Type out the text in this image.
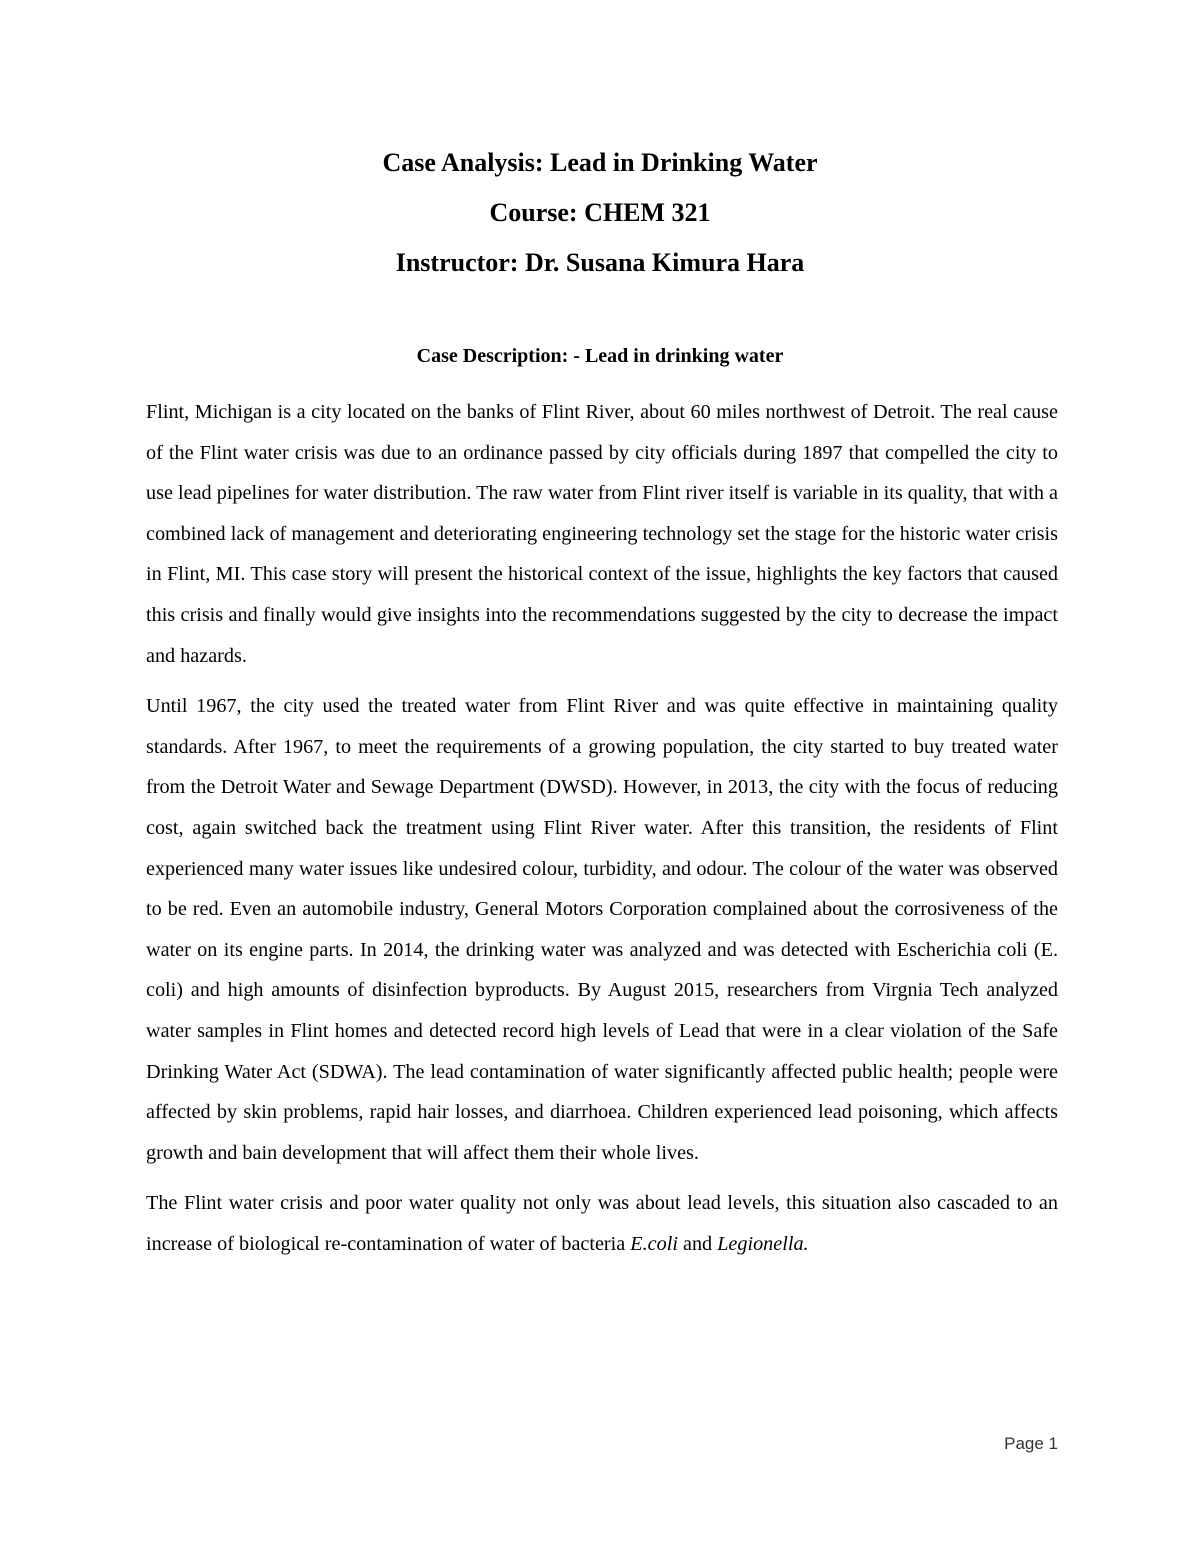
Case Analysis: Lead in Drinking Water
Course: CHEM 321
Instructor: Dr. Susana Kimura Hara
Case Description: - Lead in drinking water

Flint, Michigan is a city located on the banks of Flint River, about 60 miles northwest of Detroit. The real cause of the Flint water crisis was due to an ordinance passed by city officials during 1897 that compelled the city to use lead pipelines for water distribution. The raw water from Flint river itself is variable in its quality, that with a combined lack of management and deteriorating engineering technology set the stage for the historic water crisis in Flint, MI. This case story will present the historical context of the issue, highlights the key factors that caused this crisis and finally would give insights into the recommendations suggested by the city to decrease the impact and hazards.

Until 1967, the city used the treated water from Flint River and was quite effective in maintaining quality standards. After 1967, to meet the requirements of a growing population, the city started to buy treated water from the Detroit Water and Sewage Department (DWSD). However, in 2013, the city with the focus of reducing cost, again switched back the treatment using Flint River water. After this transition, the residents of Flint experienced many water issues like undesired colour, turbidity, and odour. The colour of the water was observed to be red. Even an automobile industry, General Motors Corporation complained about the corrosiveness of the water on its engine parts. In 2014, the drinking water was analyzed and was detected with Escherichia coli (E. coli) and high amounts of disinfection byproducts. By August 2015, researchers from Virgnia Tech analyzed water samples in Flint homes and detected record high levels of Lead that were in a clear violation of the Safe Drinking Water Act (SDWA). The lead contamination of water significantly affected public health; people were affected by skin problems, rapid hair losses, and diarrhoea. Children experienced lead poisoning, which affects growth and bain development that will affect them their whole lives.

The Flint water crisis and poor water quality not only was about lead levels, this situation also cascaded to an increase of biological re-contamination of water of bacteria E.coli and Legionella.

Page 1
